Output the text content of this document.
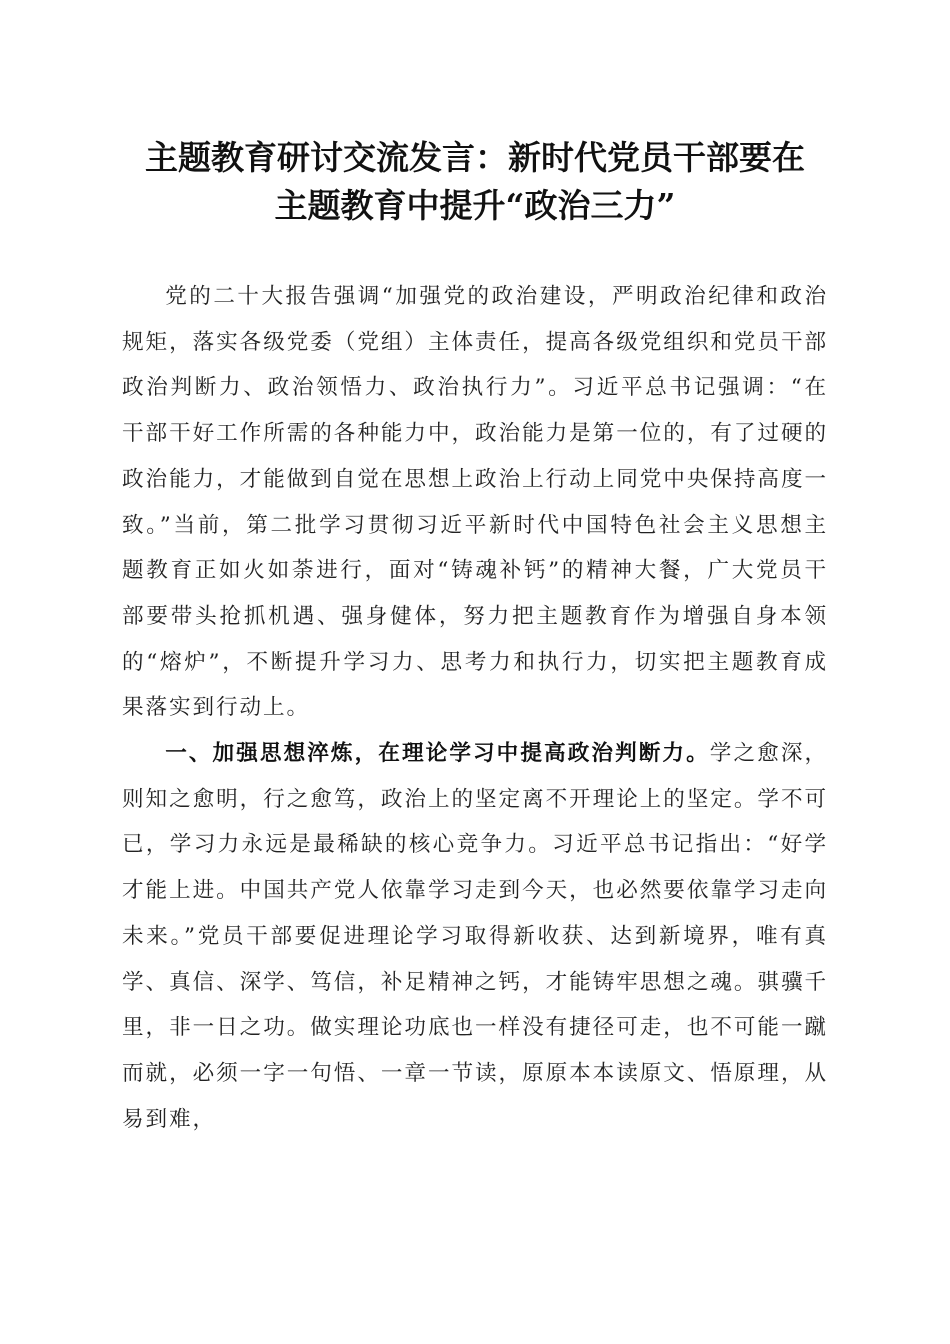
主题教育研讨交流发言：新时代党员干部要在
主题教育中提升“政治三力”

党的二十大报告强调“加强党的政治建设，严明政治纪律和政治规矩，落实各级党委（党组）主体责任，提高各级党组织和党员干部政治判断力、政治领悟力、政治执行力”。习近平总书记强调：“在干部干好工作所需的各种能力中，政治能力是第一位的，有了过硬的政治能力，才能做到自觉在思想上政治上行动上同党中央保持高度一致。”当前，第二批学习贯彻习近平新时代中国特色社会主义思想主题教育正如火如荼进行，面对“铸魂补钙”的精神大餐，广大党员干部要带头抢抓机遇、强身健体，努力把主题教育作为增强自身本领的“熔炉”，不断提升学习力、思考力和执行力，切实把主题教育成果落实到行动上。

一、加强思想淬炼，在理论学习中提高政治判断力。学之愈深，则知之愈明，行之愈笃，政治上的坚定离不开理论上的坚定。学不可已，学习力永远是最稀缺的核心竞争力。习近平总书记指出：“好学才能上进。中国共产党人依靠学习走到今天，也必然要依靠学习走向未来。”党员干部要促进理论学习取得新收获、达到新境界，唯有真学、真信、深学、笃信，补足精神之钙，才能铸牢思想之魂。骐骥千里，非一日之功。做实理论功底也一样没有捷径可走，也不可能一蹴而就，必须一字一句悟、一章一节读，原原本本读原文、悟原理，从易到难，
